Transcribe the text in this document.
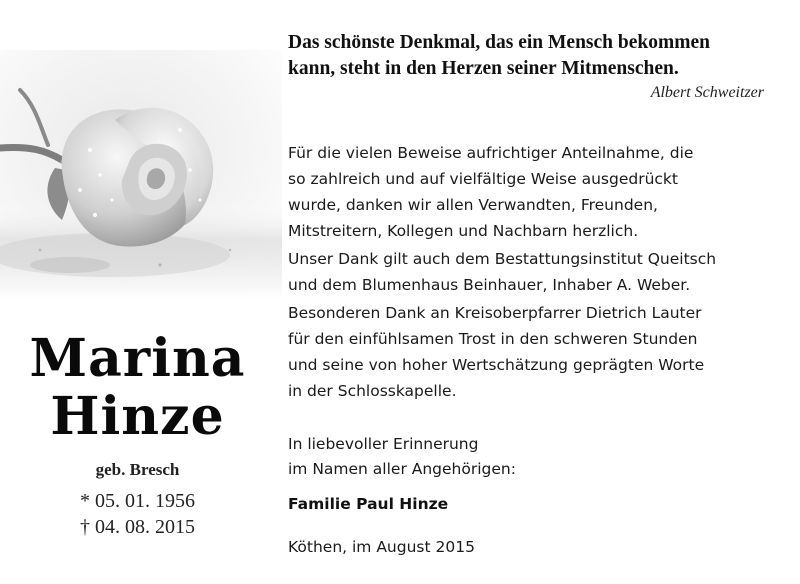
Marina
Hinze
geb. Bresch
* 05. 01. 1956
† 04. 08. 2015
Das schönste Denkmal, das ein Mensch bekommen
kann, steht in den Herzen seiner Mitmenschen.
Albert Schweitzer

Für die vielen Beweise aufrichtiger Anteilnahme, die
so zahlreich und auf vielfältige Weise ausgedrückt
wurde, danken wir allen Verwandten, Freunden,
Mitstreitern, Kollegen und Nachbarn herzlich.

Unser Dank gilt auch dem Bestattungsinstitut Queitsch
und dem Blumenhaus Beinhauer, Inhaber A. Weber.

Besonderen Dank an Kreisoberpfarrer Dietrich Lauter
für den einfühlsamen Trost in den schweren Stunden
und seine von hoher Wertschätzung geprägten Worte
in der Schlosskapelle.

In liebevoller Erinnerung
im Namen aller Angehörigen:
Familie Paul Hinze
Köthen, im August 2015
